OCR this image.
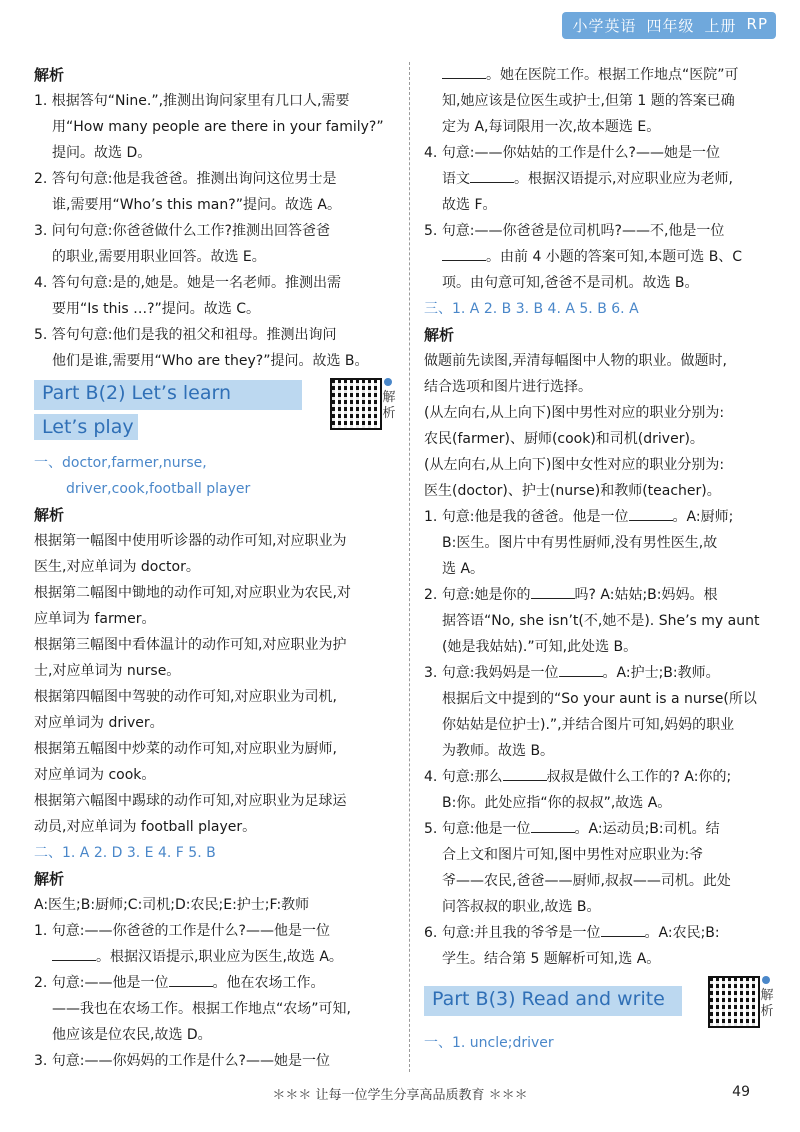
小学英语 四年级 上册 RP
解析
1. 根据答句“Nine.”,推测出询问家里有几口人,需要
用“How many people are there in your family?”
提问。故选 D。
2. 答句句意:他是我爸爸。推测出询问这位男士是
谁,需要用“Who’s this man?”提问。故选 A。
3. 问句句意:你爸爸做什么工作?推测出回答爸爸
的职业,需要用职业回答。故选 E。
4. 答句句意:是的,她是。她是一名老师。推测出需
要用“Is this …?”提问。故选 C。
5. 答句句意:他们是我的祖父和祖母。推测出询问
他们是谁,需要用“Who are they?”提问。故选 B。
Part B(2) Let’s learn
Let’s play
解析
一、doctor,farmer,nurse,
driver,cook,football player
解析
根据第一幅图中使用听诊器的动作可知,对应职业为
医生,对应单词为 doctor。
根据第二幅图中锄地的动作可知,对应职业为农民,对
应单词为 farmer。
根据第三幅图中看体温计的动作可知,对应职业为护
士,对应单词为 nurse。
根据第四幅图中驾驶的动作可知,对应职业为司机,
对应单词为 driver。
根据第五幅图中炒菜的动作可知,对应职业为厨师,
对应单词为 cook。
根据第六幅图中踢球的动作可知,对应职业为足球运
动员,对应单词为 football player。
二、1. A 2. D 3. E 4. F 5. B
解析
A:医生;B:厨师;C:司机;D:农民;E:护士;F:教师
1. 句意:——你爸爸的工作是什么?——他是一位
。根据汉语提示,职业应为医生,故选 A。
2. 句意:——他是一位	。他在农场工作。
——我也在农场工作。根据工作地点“农场”可知,
他应该是位农民,故选 D。
3. 句意:——你妈妈的工作是什么?——她是一位
。她在医院工作。根据工作地点“医院”可
知,她应该是位医生或护士,但第 1 题的答案已确
定为 A,每词限用一次,故本题选 E。
4. 句意:——你姑姑的工作是什么?——她是一位
语文	。根据汉语提示,对应职业应为老师,
故选 F。
5. 句意:——你爸爸是位司机吗?——不,他是一位
。由前 4 小题的答案可知,本题可选 B、C
项。由句意可知,爸爸不是司机。故选 B。
三、1. A 2. B 3. B 4. A 5. B 6. A
解析
做题前先读图,弄清每幅图中人物的职业。做题时,
结合选项和图片进行选择。
(从左向右,从上向下)图中男性对应的职业分别为:
农民(farmer)、厨师(cook)和司机(driver)。
(从左向右,从上向下)图中女性对应的职业分别为:
医生(doctor)、护士(nurse)和教师(teacher)。
1. 句意:他是我的爸爸。他是一位	。A:厨师;
B:医生。图片中有男性厨师,没有男性医生,故
选 A。
2. 句意:她是你的	吗? A:姑姑;B:妈妈。根
据答语“No, she isn’t(不,她不是). She’s my aunt
(她是我姑姑).”可知,此处选 B。
3. 句意:我妈妈是一位	。A:护士;B:教师。
根据后文中提到的“So your aunt is a nurse(所以
你姑姑是位护士).”,并结合图片可知,妈妈的职业
为教师。故选 B。
4. 句意:那么	叔叔是做什么工作的? A:你的;
B:你。此处应指“你的叔叔”,故选 A。
5. 句意:他是一位	。A:运动员;B:司机。结
合上文和图片可知,图中男性对应职业为:爷
爷——农民,爸爸——厨师,叔叔——司机。此处
问答叔叔的职业,故选 B。
6. 句意:并且我的爷爷是一位	。A:农民;B:
学生。结合第 5 题解析可知,选 A。
Part B(3) Read and write	解析
一、1. uncle;driver
＊＊＊ 让每一位学生分享高品质教育 ＊＊＊	49
